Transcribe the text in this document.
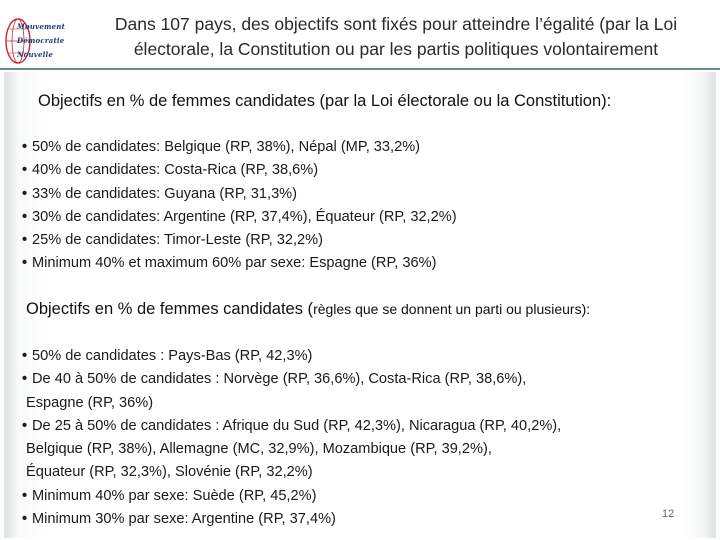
Mouvement
Démocratie
Nouvelle
Dans 107 pays, des objectifs sont fixés pour atteindre l’égalité (par la Loi
électorale, la Constitution ou par les partis politiques volontairement
Objectifs en % de femmes candidates (par la Loi électorale ou la Constitution):
• 50% de candidates: Belgique (RP, 38%), Népal (MP, 33,2%)
• 40% de candidates: Costa-Rica (RP, 38,6%)
• 33% de candidates: Guyana (RP, 31,3%)
• 30% de candidates: Argentine (RP, 37,4%), Équateur (RP, 32,2%)
• 25% de candidates: Timor-Leste (RP, 32,2%)
• Minimum 40% et maximum 60% par sexe: Espagne (RP, 36%)
Objectifs en % de femmes candidates (règles que se donnent un parti ou plusieurs):
• 50% de candidates : Pays-Bas (RP, 42,3%)
• De 40 à 50% de candidates : Norvège (RP, 36,6%), Costa-Rica (RP, 38,6%),
Espagne (RP, 36%)
• De 25 à 50% de candidates : Afrique du Sud (RP, 42,3%), Nicaragua (RP, 40,2%),
Belgique (RP, 38%), Allemagne (MC, 32,9%), Mozambique (RP, 39,2%),
Équateur (RP, 32,3%), Slovénie (RP, 32,2%)
• Minimum 40% par sexe: Suède (RP, 45,2%)
• Minimum 30% par sexe: Argentine (RP, 37,4%)	12
